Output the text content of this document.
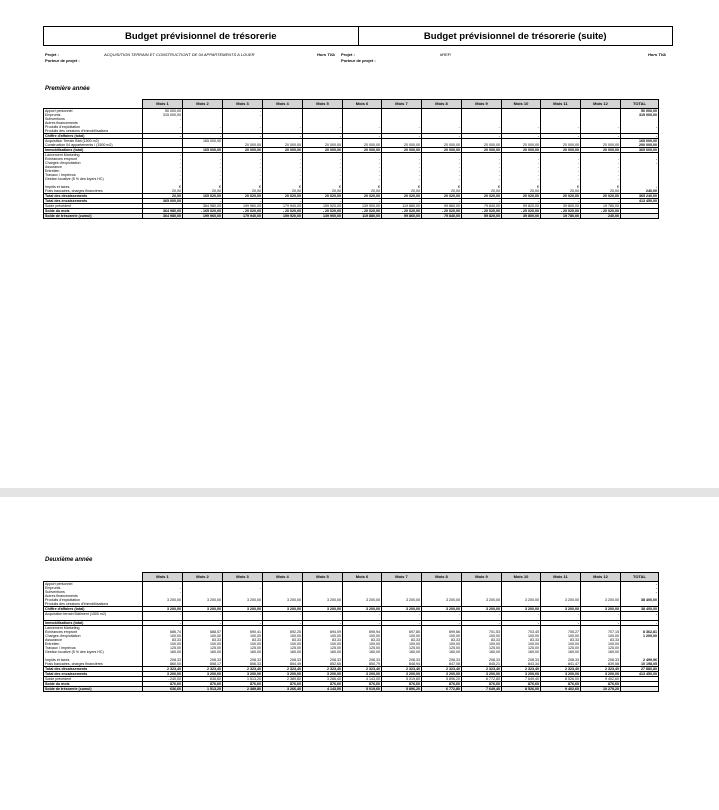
Budget prévisionnel de trésorerie	Budget prévisionnel de trésorerie (suite)
Projet :
Porteur de projet :
ACQUISITION TERRAIN ET CONSTRUCTIONT DE 04 APPARTEMENTS A LOUER	Hors TVA Projet :
Porteur de projet :
#REF!	Hors TVA
Première année
	Mois 1	Mois 2	Mois 3	Mois 4	Mois 5	Mois 6	Mois 7	Mois 8	Mois 9	Mois 10	Mois 11	Mois 12	TOTAL
Apport personnel	50 000,00		-										50 000,00
Emprunts	315 000,00		-										315 000,00
Subventions	-												
Autres financements													
Produits d'exploitation	-	-	-	-	-	-	-	-	-	-	-	-	-
Produits des cessions d'immobilisations													
Chiffre d'affaires (total)	-	-	-	-	-	-	-	-	-	-	-	-	-
Acquisition Terrain Bâti (1500 m2)		165 000,00											165 000,00
Construction 04 appartements / (1500 m2)			20 000,00	20 000,00	20 000,00	20 000,00	20 000,00	20 000,00	20 000,00	20 000,00	20 000,00	20 000,00	200 000,00
Immobilisations (total)		165 000,00	20 000,00	20 000,00	20 000,00	20 000,00	20 000,00	20 000,00	20 000,00	20 000,00	20 000,00	20 000,00	365 000,00
Lancement Marketing	-												
Échéances emprunt	-	-	-	-	-	-	-	-	-	-	-	-	-
Charges d'exploitation	-	-	-	-	-	-	-	-	-	-	-	-	-
Assurance	-	-	-	-	-	-	-	-	-	-	-	-	
Entretien	-	-	-	-	-	-	-	-	-	-	-	-	
Travaux / Imprévus	-	-	-	-	-	-	-	-	-	-	-	-	
Gestion locative (5 % des loyers HC)	-	-	-	-	-	-	-	-	-	-	-	-	

Impôts et taxes	€	€	€	€	€	€	€	€	€	€	€	€	-
Frais bancaires, charges financières	20,00	20,00	20,00	20,00	20,00	20,00	20,00	20,00	20,00	20,00	20,00	20,00	240,00
Total des décaissements	20,00	165 020,00	20 020,00	20 020,00	20 020,00	20 020,00	20 020,00	20 020,00	20 020,00	20 020,00	20 020,00	20 020,00	365 240,00
Total des encaissements	365 000,00	-	-	-	-	-	-	-	-	-	-	-	413 450,00
Solde précédent		364 980,00	199 960,00	179 940,00	159 920,00	139 900,00	119 880,00	99 860,00	79 840,00	59 820,00	39 800,00	19 780,00	
Solde du mois	364 980,00	- 165 020,00	- 20 020,00	- 20 020,00	- 20 020,00	- 20 020,00	- 20 020,00	- 20 020,00	- 20 020,00	- 20 020,00	- 20 020,00	- 20 020,00	
Solde de trésorerie (cumul)	364 980,00	199 960,00	179 940,00	159 920,00	139 900,00	119 880,00	99 860,00	79 840,00	59 820,00	39 800,00	19 780,00	240,00	
Deuxième année
	Mois 1	Mois 2	Mois 3	Mois 4	Mois 5	Mois 6	Mois 7	Mois 8	Mois 9	Mois 10	Mois 11	Mois 12	TOTAL
Apport personnel													-
Emprunts	-		-										-
Subventions	-												-
Autres financements													
Produits d'exploitation	3 200,00	3 200,00	3 200,00	3 200,00	3 200,00	3 200,00	3 200,00	3 200,00	3 200,00	3 200,00	3 200,00	3 200,00	38 400,00
Produits des cessions d'immobilisations													
Chiffre d'affaires (total)	3 200,00	3 200,00	3 200,00	3 200,00	3 200,00	3 200,00	3 200,00	3 200,00	3 200,00	3 200,00	3 200,00	3 200,00	38 400,00
Acquisition terrain Bâtiment (1500 m2)	-	-	-	-	-	-	-	-	-	-	-	-	-

Immobilisations (total)	-	-	-	-	-	-	-	-	-	-	-	-	-
Lancement Marketing													
Échéances emprunt	686,74	688,57	690,41	692,25	694,09	695,94	697,80	699,66	701,53	703,40	705,27	707,15	8 362,81
Charges d'exploitation	100,00	100,00	100,00	100,00	100,00	100,00	100,00	100,00	100,00	100,00	100,00	100,00	1 200,00
Assurance	83,33	83,33	83,33	83,33	83,33	83,33	83,33	83,33	83,33	83,33	83,33	83,33	
Entretien	100,00	100,00	100,00	100,00	100,00	100,00	100,00	100,00	100,00	100,00	100,00	100,00	
Travaux / Imprévus	125,00	125,00	125,00	125,00	125,00	125,00	125,00	125,00	125,00	125,00	125,00	125,00	
Gestion locative (5 % des loyers HC)	160,00	160,00	160,00	160,00	160,00	160,00	160,00	160,00	160,00	160,00	160,00	160,00	

Impôts et taxes	208,33	208,33	208,33	208,33	208,33	208,33	208,33	208,33	208,33	208,33	208,33	208,33	2 499,96
Frais bancaires, charges financières	860,00	858,17	856,33	854,49	852,65	850,79	848,94	847,08	845,21	843,34	841,47	839,58	10 198,05
Total des décaissements	2 323,40	2 323,40	2 323,40	2 323,40	2 323,40	2 323,40	2 323,40	2 323,40	2 323,40	2 323,40	2 323,40	2 323,40	27 880,80
Total des encaissements	3 200,00	3 200,00	3 200,00	3 200,00	3 200,00	3 200,00	3 200,00	3 200,00	3 200,00	3 200,00	3 200,00	3 200,00	413 450,00
Solde précédent	- 240,00	636,60	1 513,20	2 389,80	3 266,40	4 143,00	5 019,60	5 896,20	6 772,80	7 649,40	8 526,00	9 402,60	
Solde du mois	876,60	876,60	876,60	876,60	876,60	876,60	876,60	876,60	876,60	876,60	876,60	876,60	
Solde de trésorerie (cumul)	636,60	1 513,20	2 389,80	3 266,40	4 143,00	5 019,60	5 896,20	6 772,80	7 649,40	8 526,00	9 402,60	10 279,20	
